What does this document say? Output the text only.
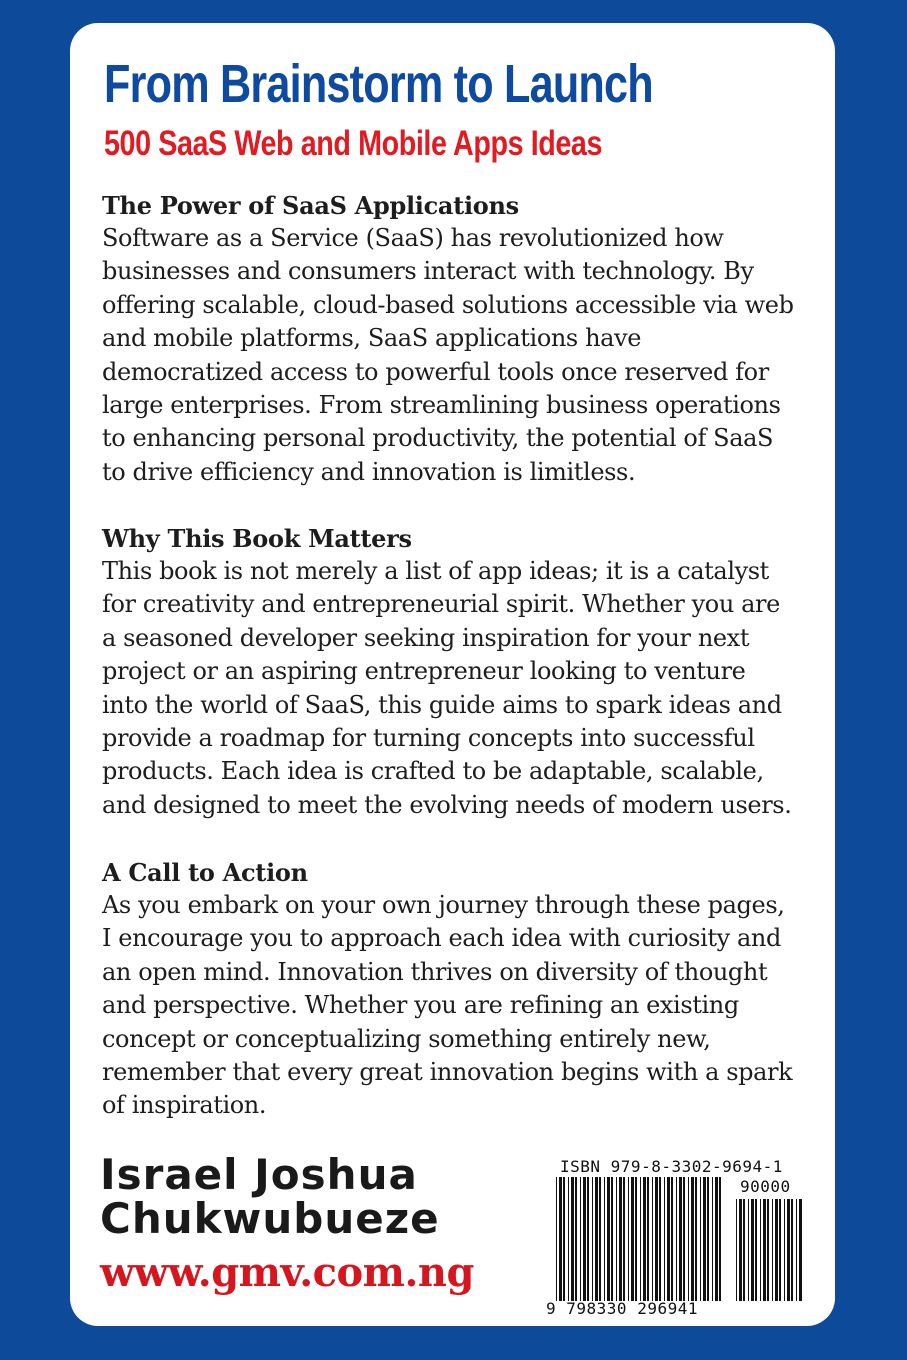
From Brainstorm to Launch
500 SaaS Web and Mobile Apps Ideas
The Power of SaaS Applications

Software as a Service (SaaS) has revolutionized how
businesses and consumers interact with technology. By
offering scalable, cloud-based solutions accessible via web
and mobile platforms, SaaS applications have
democratized access to powerful tools once reserved for
large enterprises. From streamlining business operations
to enhancing personal productivity, the potential of SaaS
to drive efficiency and innovation is limitless.

Why This Book Matters

This book is not merely a list of app ideas; it is a catalyst
for creativity and entrepreneurial spirit. Whether you are
a seasoned developer seeking inspiration for your next
project or an aspiring entrepreneur looking to venture
into the world of SaaS, this guide aims to spark ideas and
provide a roadmap for turning concepts into successful
products. Each idea is crafted to be adaptable, scalable,
and designed to meet the evolving needs of modern users.

A Call to Action

As you embark on your own journey through these pages,
I encourage you to approach each idea with curiosity and
an open mind. Innovation thrives on diversity of thought
and perspective. Whether you are refining an existing
concept or conceptualizing something entirely new,
remember that every great innovation begins with a spark
of inspiration.

Israel Joshua
Chukwubueze

www.gmv.com.ng

ISBN 979-8-3302-9694-1
90000
9 798330 296941
